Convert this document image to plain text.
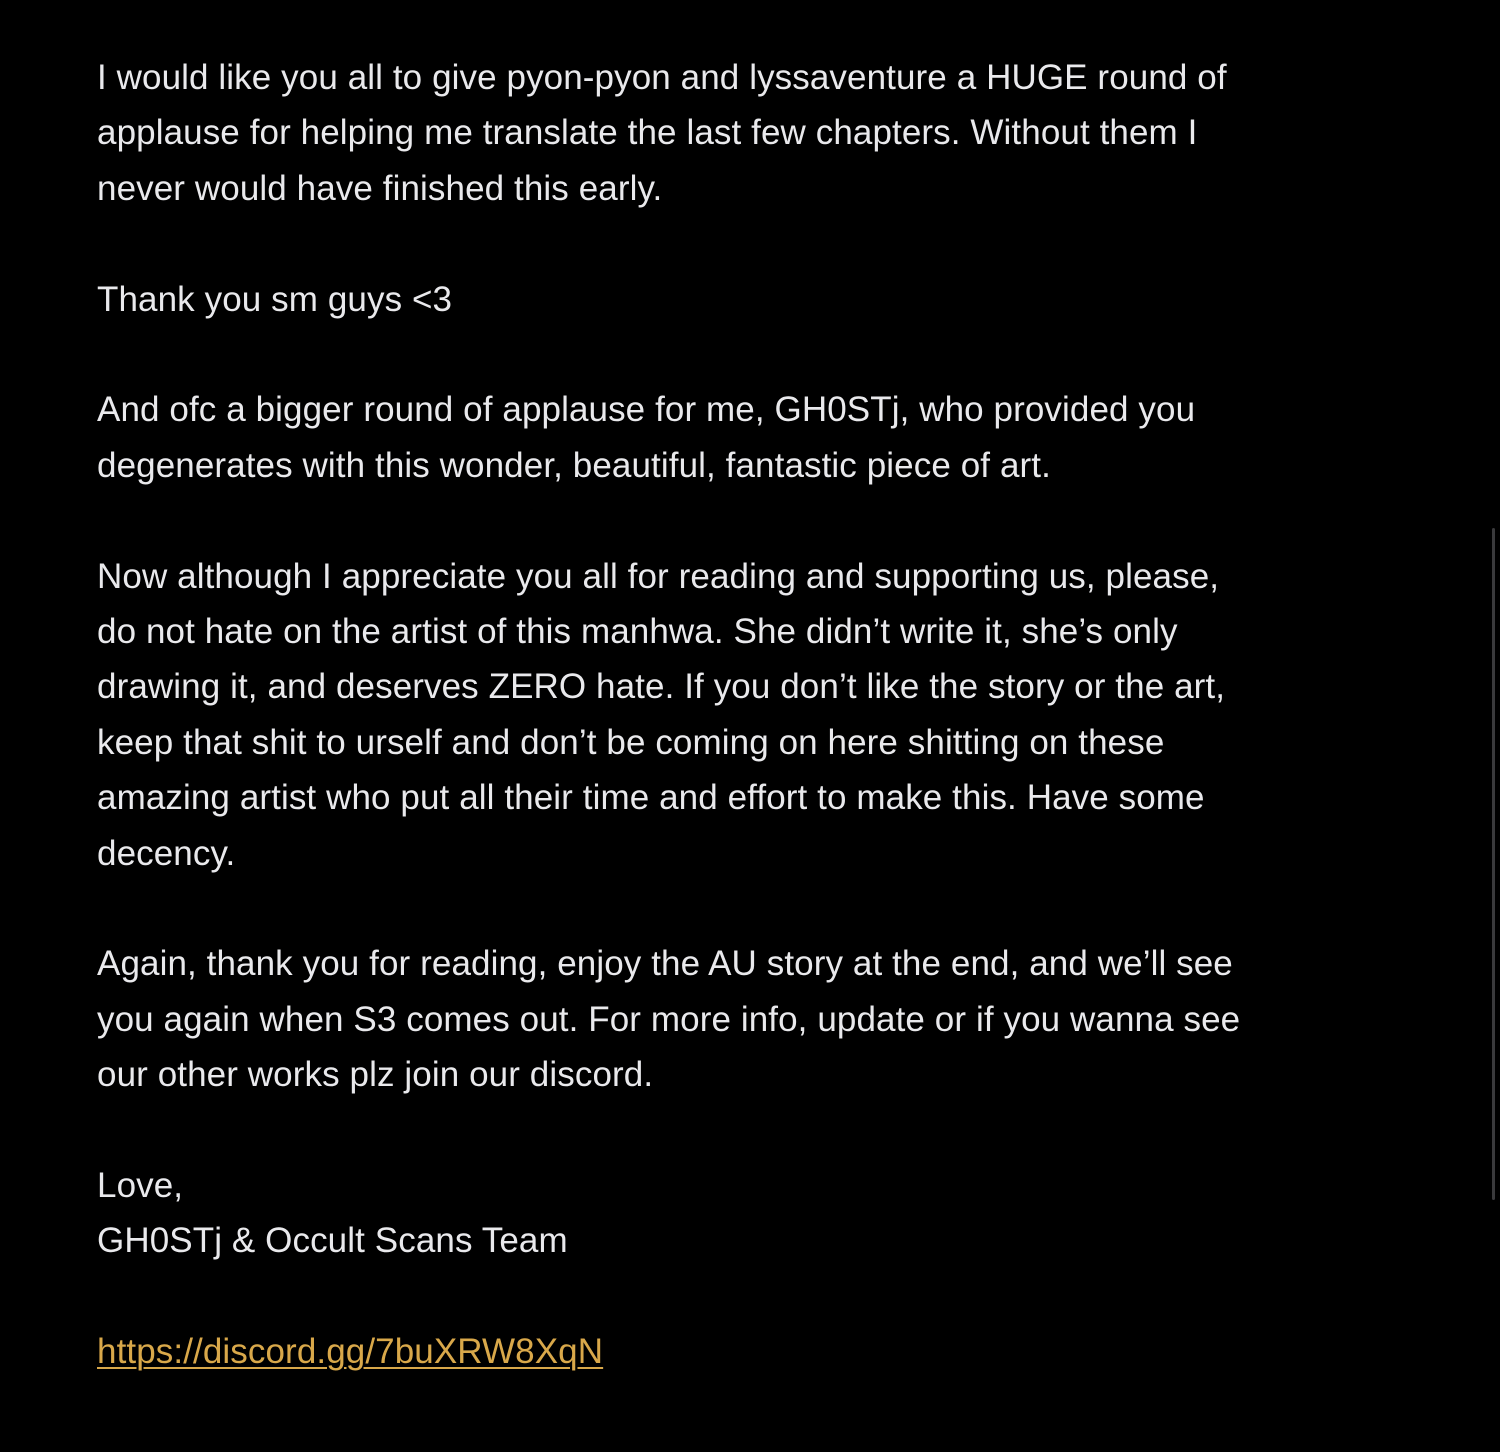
I would like you all to give pyon-pyon and lyssaventure a HUGE round of
applause for helping me translate the last few chapters. Without them I
never would have finished this early.

Thank you sm guys <3

And ofc a bigger round of applause for me, GH0STj, who provided you
degenerates with this wonder, beautiful, fantastic piece of art.

Now although I appreciate you all for reading and supporting us, please,
do not hate on the artist of this manhwa. She didn’t write it, she’s only
drawing it, and deserves ZERO hate. If you don’t like the story or the art,
keep that shit to urself and don’t be coming on here shitting on these
amazing artist who put all their time and effort to make this. Have some
decency.

Again, thank you for reading, enjoy the AU story at the end, and we’ll see
you again when S3 comes out. For more info, update or if you wanna see
our other works plz join our discord.

Love,
GH0STj & Occult Scans Team

https://discord.gg/7buXRW8XqN
